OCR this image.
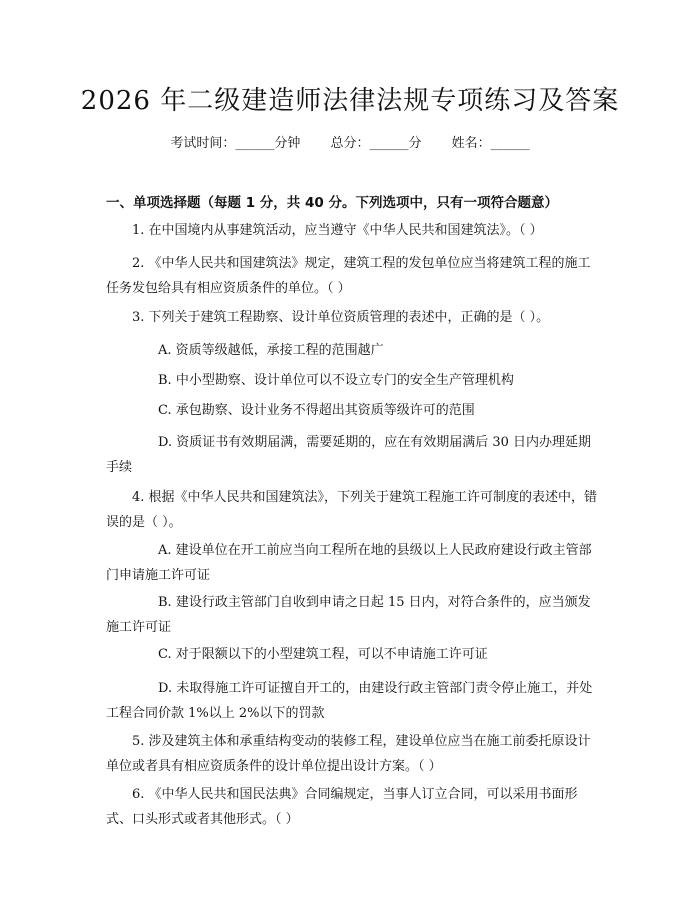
2026 年二级建造师法律法规专项练习及答案
考试时间：______分钟 总分：______分 姓名：______
一、单项选择题（每题 1 分，共 40 分。下列选项中，只有一项符合题意）
1. 在中国境内从事建筑活动，应当遵守《中华人民共和国建筑法》。（ ）
2. 《中华人民共和国建筑法》规定，建筑工程的发包单位应当将建筑工程的施工任务发包给具有相应资质条件的单位。（ ）
3. 下列关于建筑工程勘察、设计单位资质管理的表述中，正确的是（ ）。
A. 资质等级越低，承接工程的范围越广
B. 中小型勘察、设计单位可以不设立专门的安全生产管理机构
C. 承包勘察、设计业务不得超出其资质等级许可的范围
D. 资质证书有效期届满，需要延期的，应在有效期届满后 30 日内办理延期手续
4. 根据《中华人民共和国建筑法》，下列关于建筑工程施工许可制度的表述中，错误的是（ ）。
A. 建设单位在开工前应当向工程所在地的县级以上人民政府建设行政主管部门申请施工许可证
B. 建设行政主管部门自收到申请之日起 15 日内，对符合条件的，应当颁发施工许可证
C. 对于限额以下的小型建筑工程，可以不申请施工许可证
D. 未取得施工许可证擅自开工的，由建设行政主管部门责令停止施工，并处工程合同价款 1%以上 2%以下的罚款
5. 涉及建筑主体和承重结构变动的装修工程，建设单位应当在施工前委托原设计单位或者具有相应资质条件的设计单位提出设计方案。（ ）
6. 《中华人民共和国民法典》合同编规定，当事人订立合同，可以采用书面形式、口头形式或者其他形式。（ ）
